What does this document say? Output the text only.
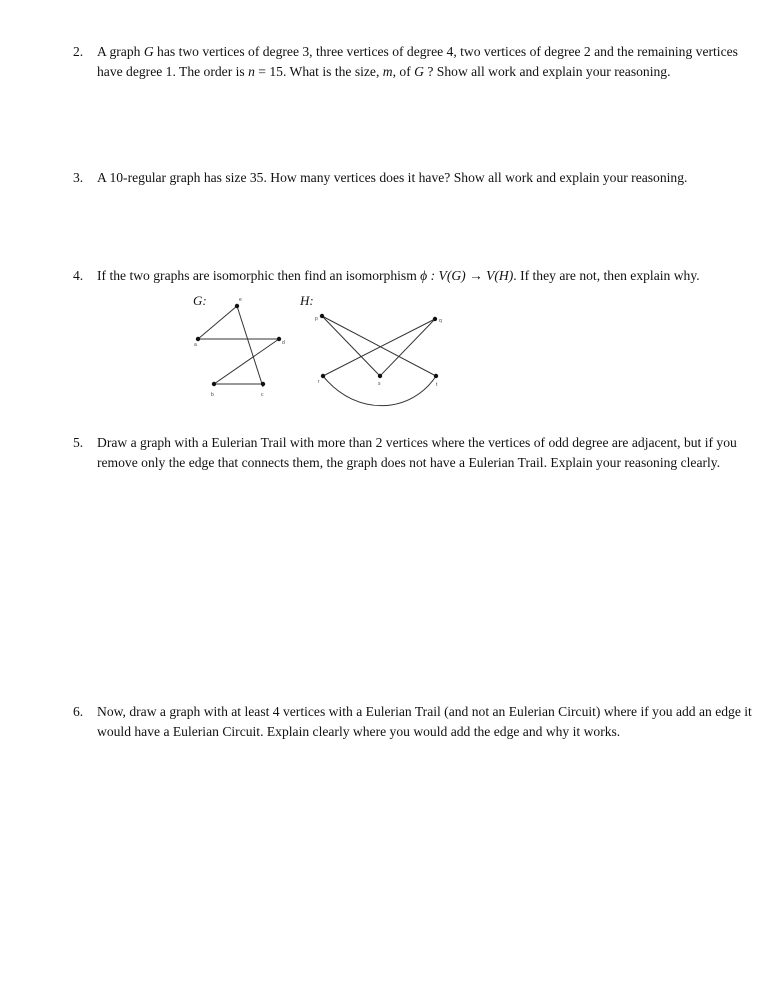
2. A graph G has two vertices of degree 3, three vertices of degree 4, two vertices of degree 2 and the remaining vertices have degree 1. The order is n = 15. What is the size, m, of G ? Show all work and explain your reasoning.
3. A 10-regular graph has size 35. How many vertices does it have? Show all work and explain your reasoning.
4. If the two graphs are isomorphic then find an isomorphism ϕ : V(G) → V(H). If they are not, then explain why.
G:	H:
e
a	d
b	c
p	q
r	s	t
5. Draw a graph with a Eulerian Trail with more than 2 vertices where the vertices of odd degree are adjacent, but if you remove only the edge that connects them, the graph does not have a Eulerian Trail. Explain your reasoning clearly.
6. Now, draw a graph with at least 4 vertices with a Eulerian Trail (and not an Eulerian Circuit) where if you add an edge it would have a Eulerian Circuit. Explain clearly where you would add the edge and why it works.
